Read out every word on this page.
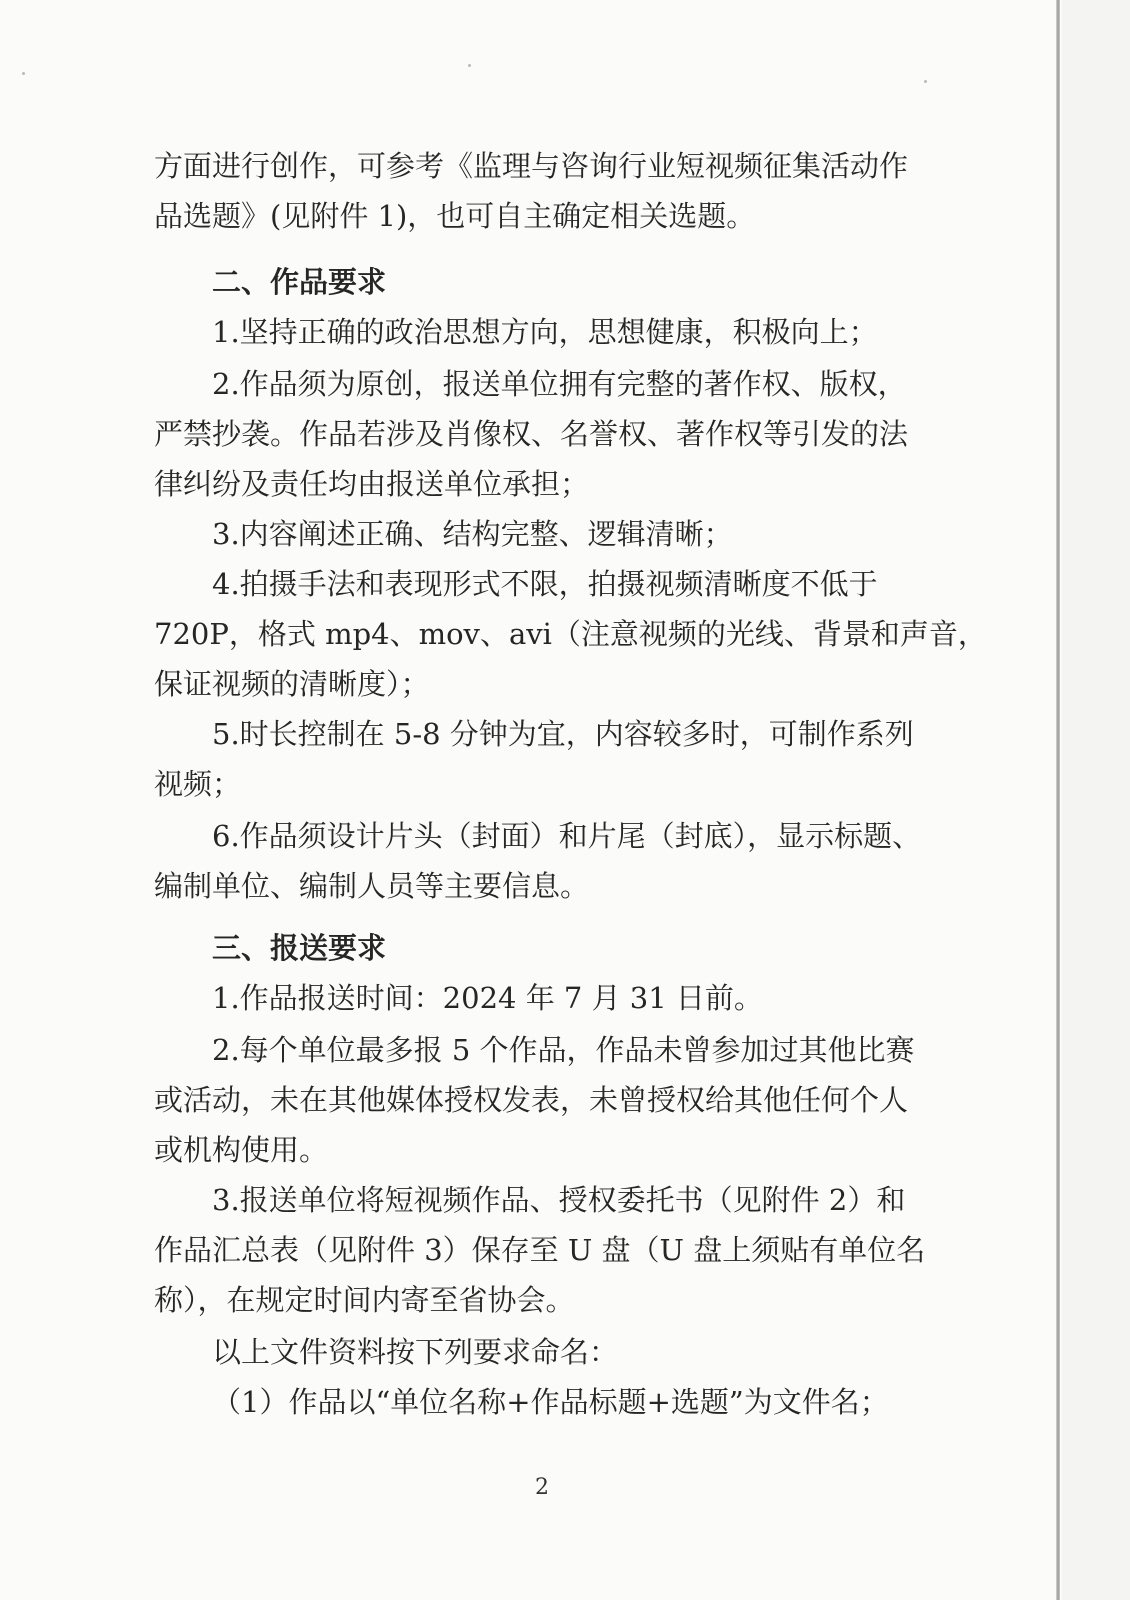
方面进行创作，可参考《监理与咨询行业短视频征集活动作
品选题》(见附件 1)，也可自主确定相关选题。
二、作品要求
1.坚持正确的政治思想方向，思想健康，积极向上；
2.作品须为原创，报送单位拥有完整的著作权、版权，
严禁抄袭。作品若涉及肖像权、名誉权、著作权等引发的法
律纠纷及责任均由报送单位承担；
3.内容阐述正确、结构完整、逻辑清晰；
4.拍摄手法和表现形式不限，拍摄视频清晰度不低于
720P，格式 mp4、mov、avi（注意视频的光线、背景和声音，
保证视频的清晰度）；
5.时长控制在 5-8 分钟为宜，内容较多时，可制作系列
视频；
6.作品须设计片头（封面）和片尾（封底），显示标题、
编制单位、编制人员等主要信息。
三、报送要求
1.作品报送时间：2024 年 7 月 31 日前。
2.每个单位最多报 5 个作品，作品未曾参加过其他比赛
或活动，未在其他媒体授权发表，未曾授权给其他任何个人
或机构使用。
3.报送单位将短视频作品、授权委托书（见附件 2）和
作品汇总表（见附件 3）保存至 U 盘（U 盘上须贴有单位名
称），在规定时间内寄至省协会。
以上文件资料按下列要求命名：
（1）作品以“单位名称+作品标题+选题”为文件名；
2
